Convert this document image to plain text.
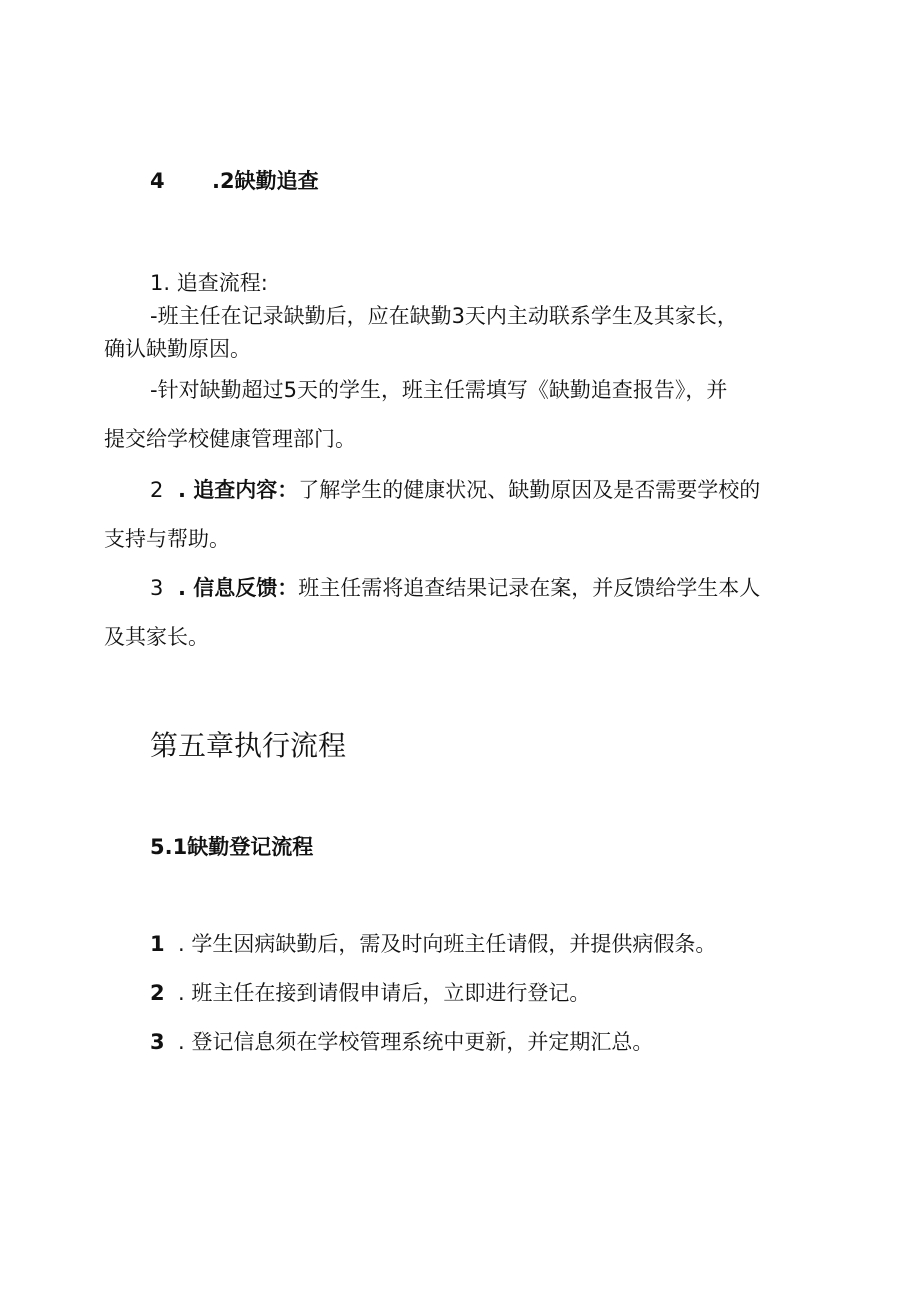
4 .2缺勤追查
1. 追查流程:
-班主任在记录缺勤后，应在缺勤3天内主动联系学生及其家长，
确认缺勤原因。
-针对缺勤超过5天的学生，班主任需填写《缺勤追查报告》，并
提交给学校健康管理部门。
2 . 追查内容：了解学生的健康状况、缺勤原因及是否需要学校的
支持与帮助。
3 . 信息反馈：班主任需将追查结果记录在案，并反馈给学生本人
及其家长。
第五章执行流程
5.1缺勤登记流程
1 . 学生因病缺勤后，需及时向班主任请假，并提供病假条。
2 . 班主任在接到请假申请后，立即进行登记。
3 . 登记信息须在学校管理系统中更新，并定期汇总。
